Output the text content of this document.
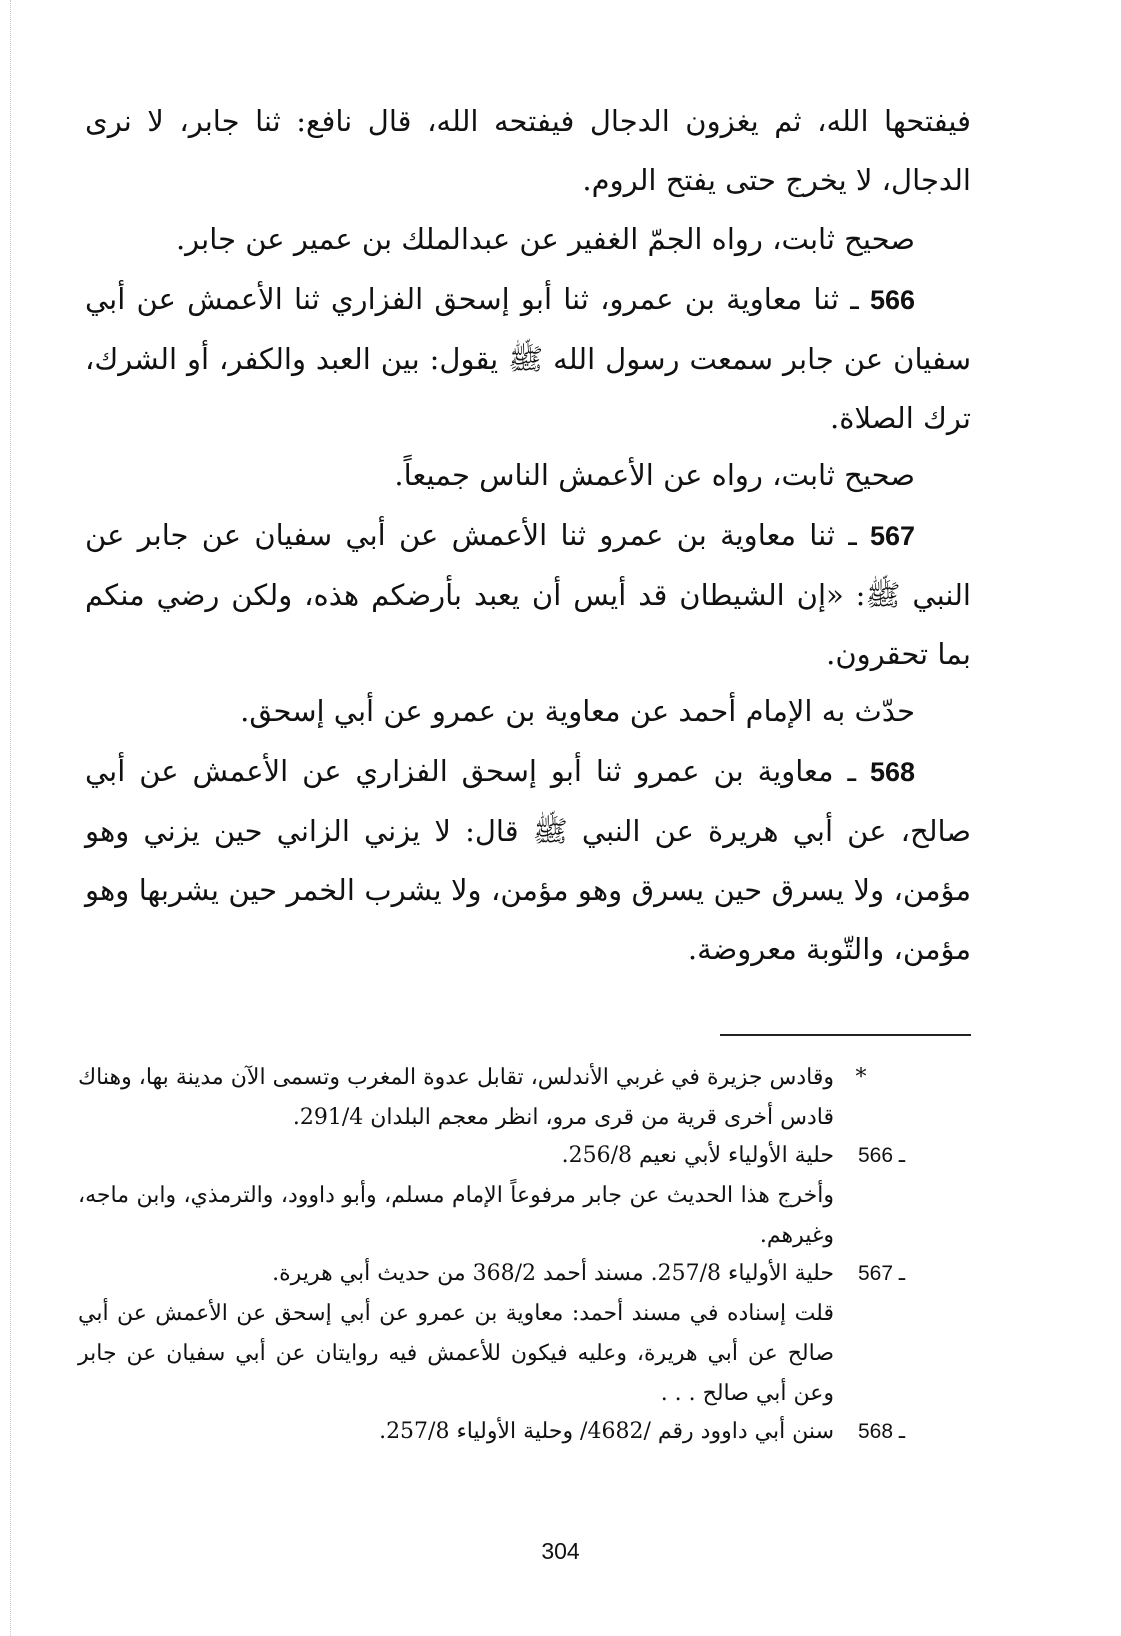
فيفتحها الله، ثم يغزون الدجال فيفتحه الله، قال نافع: ثنا جابر، لا نرى الدجال، لا يخرج حتى يفتح الروم.

صحيح ثابت، رواه الجمّ الغفير عن عبدالملك بن عمير عن جابر.

566 ـ ثنا معاوية بن عمرو، ثنا أبو إسحق الفزاري ثنا الأعمش عن أبي سفيان عن جابر سمعت رسول الله ﷺ يقول: بين العبد والكفر، أو الشرك، ترك الصلاة.

صحيح ثابت، رواه عن الأعمش الناس جميعاً.

567 ـ ثنا معاوية بن عمرو ثنا الأعمش عن أبي سفيان عن جابر عن النبي ﷺ: «إن الشيطان قد أيس أن يعبد بأرضكم هذه، ولكن رضي منكم بما تحقرون.

حدّث به الإمام أحمد عن معاوية بن عمرو عن أبي إسحق.

568 ـ معاوية بن عمرو ثنا أبو إسحق الفزاري عن الأعمش عن أبي صالح، عن أبي هريرة عن النبي ﷺ قال: لا يزني الزاني حين يزني وهو مؤمن، ولا يسرق حين يسرق وهو مؤمن، ولا يشرب الخمر حين يشربها وهو مؤمن، والتّوبة معروضة.

*

وقادس جزيرة في غربي الأندلس، تقابل عدوة المغرب وتسمى الآن مدينة بها، وهناك قادس أخرى قرية من قرى مرو، انظر معجم البلدان 291/4.

566 ـ

حلية الأولياء لأبي نعيم 256/8.

وأخرج هذا الحديث عن جابر مرفوعاً الإمام مسلم، وأبو داوود، والترمذي، وابن ماجه، وغيرهم.

567 ـ

حلية الأولياء 257/8. مسند أحمد 368/2 من حديث أبي هريرة.

قلت إسناده في مسند أحمد: معاوية بن عمرو عن أبي إسحق عن الأعمش عن أبي صالح عن أبي هريرة، وعليه فيكون للأعمش فيه روايتان عن أبي سفيان عن جابر وعن أبي صالح . . .

568 ـ

سنن أبي داوود رقم /4682/ وحلية الأولياء 257/8.

304
